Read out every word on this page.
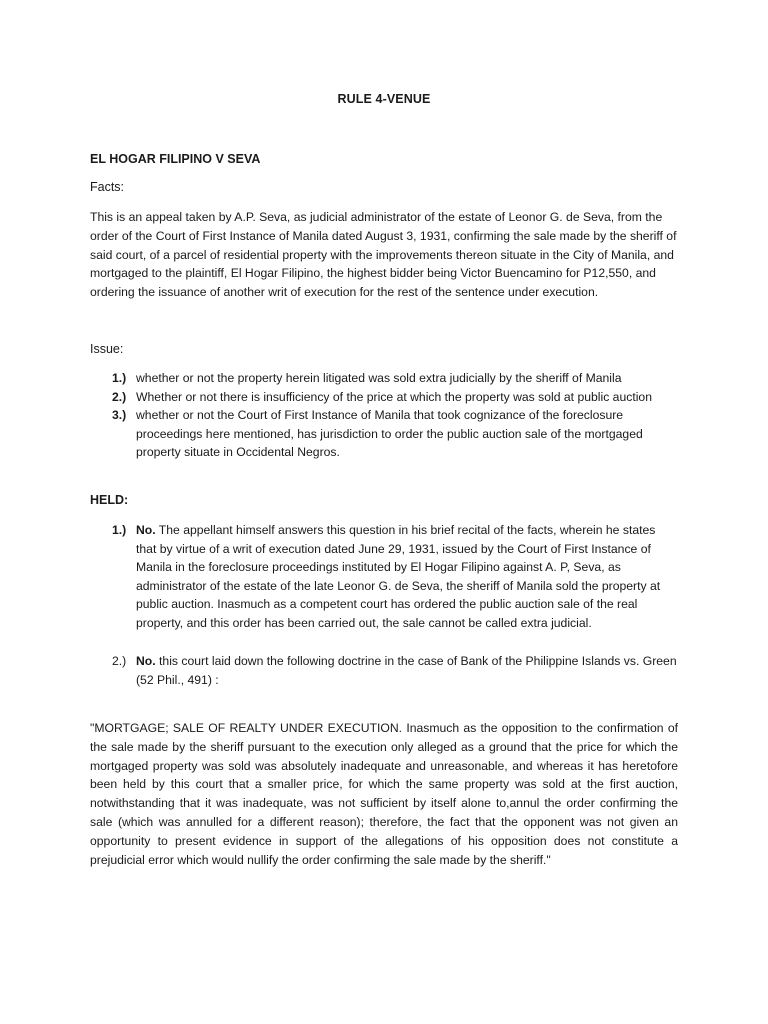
RULE 4-VENUE
EL HOGAR FILIPINO V SEVA
Facts:
This is an appeal taken by A.P. Seva, as judicial administrator of the estate of Leonor G. de Seva, from the order of the Court of First Instance of Manila dated August 3, 1931, confirming the sale made by the sheriff of said court, of a parcel of residential property with the improvements thereon situate in the City of Manila, and mortgaged to the plaintiff, El Hogar Filipino, the highest bidder being Victor Buencamino for P12,550, and ordering the issuance of another writ of execution for the rest of the sentence under execution.
Issue:
1.) whether or not the property herein litigated was sold extra judicially by the sheriff of Manila
2.) Whether or not there is insufficiency of the price at which the property was sold at public auction
3.) whether or not the Court of First Instance of Manila that took cognizance of the foreclosure proceedings here mentioned, has jurisdiction to order the public auction sale of the mortgaged property situate in Occidental Negros.
HELD:
1.) No. The appellant himself answers this question in his brief recital of the facts, wherein he states that by virtue of a writ of execution dated June 29, 1931, issued by the Court of First Instance of Manila in the foreclosure proceedings instituted by El Hogar Filipino against A. P, Seva, as administrator of the estate of the late Leonor G. de Seva, the sheriff of Manila sold the property at public auction. Inasmuch as a competent court has ordered the public auction sale of the real property, and this order has been carried out, the sale cannot be called extra judicial.
2.) No. this court laid down the following doctrine in the case of Bank of the Philippine Islands vs. Green (52 Phil., 491) :
"MORTGAGE; SALE OF REALTY UNDER EXECUTION. Inasmuch as the opposition to the confirmation of the sale made by the sheriff pursuant to the execution only alleged as a ground that the price for which the mortgaged property was sold was absolutely inadequate and unreasonable, and whereas it has heretofore been held by this court that a smaller price, for which the same property was sold at the first auction, notwithstanding that it was inadequate, was not sufficient by itself alone to,annul the order confirming the sale (which was annulled for a different reason); therefore, the fact that the opponent was not given an opportunity to present evidence in support of the allegations of his opposition does not constitute a prejudicial error which would nullify the order confirming the sale made by the sheriff."
